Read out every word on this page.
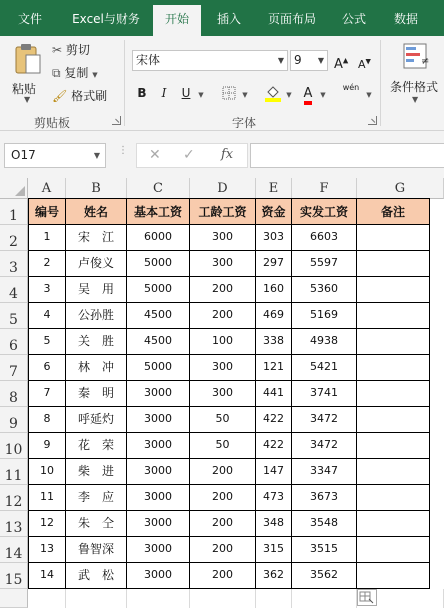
文件	Excel与财务	开始	插入	页面布局	公式	数据
粘贴
▼
✂ 剪切
⧉ 复制 ▼
🖌 格式刷
剪贴板
宋体	▼ 9 ▼ A▲ A▼
B	I	U	▼	▼	▼ A	▼
wén
▼
字体
≠
条件格式
▼
O17	▼ ⋮ ✕ ✓ fx
A	B	C	D	E	F	G
1
2
3
4
5
6
7
8
9
10
11
12
13
14
15
编号	姓名	基本工资	工龄工资	资金	实发工资	备注
1	宋　江	6000	300	303	6603
2	卢俊义	5000	300	297	5597
3	吴　用	5000	200	160	5360
4	公孙胜	4500	200	469	5169
5	关　胜	4500	100	338	4938
6	林　冲	5000	300	121	5421
7	秦　明	3000	300	441	3741
8	呼延灼	3000	50	422	3472
9	花　荣	3000	50	422	3472
10	柴　进	3000	200	147	3347
11	李　应	3000	200	473	3673
12	朱　仝	3000	200	348	3548
13	鲁智深	3000	200	315	3515
14	武　松	3000	200	362	3562
